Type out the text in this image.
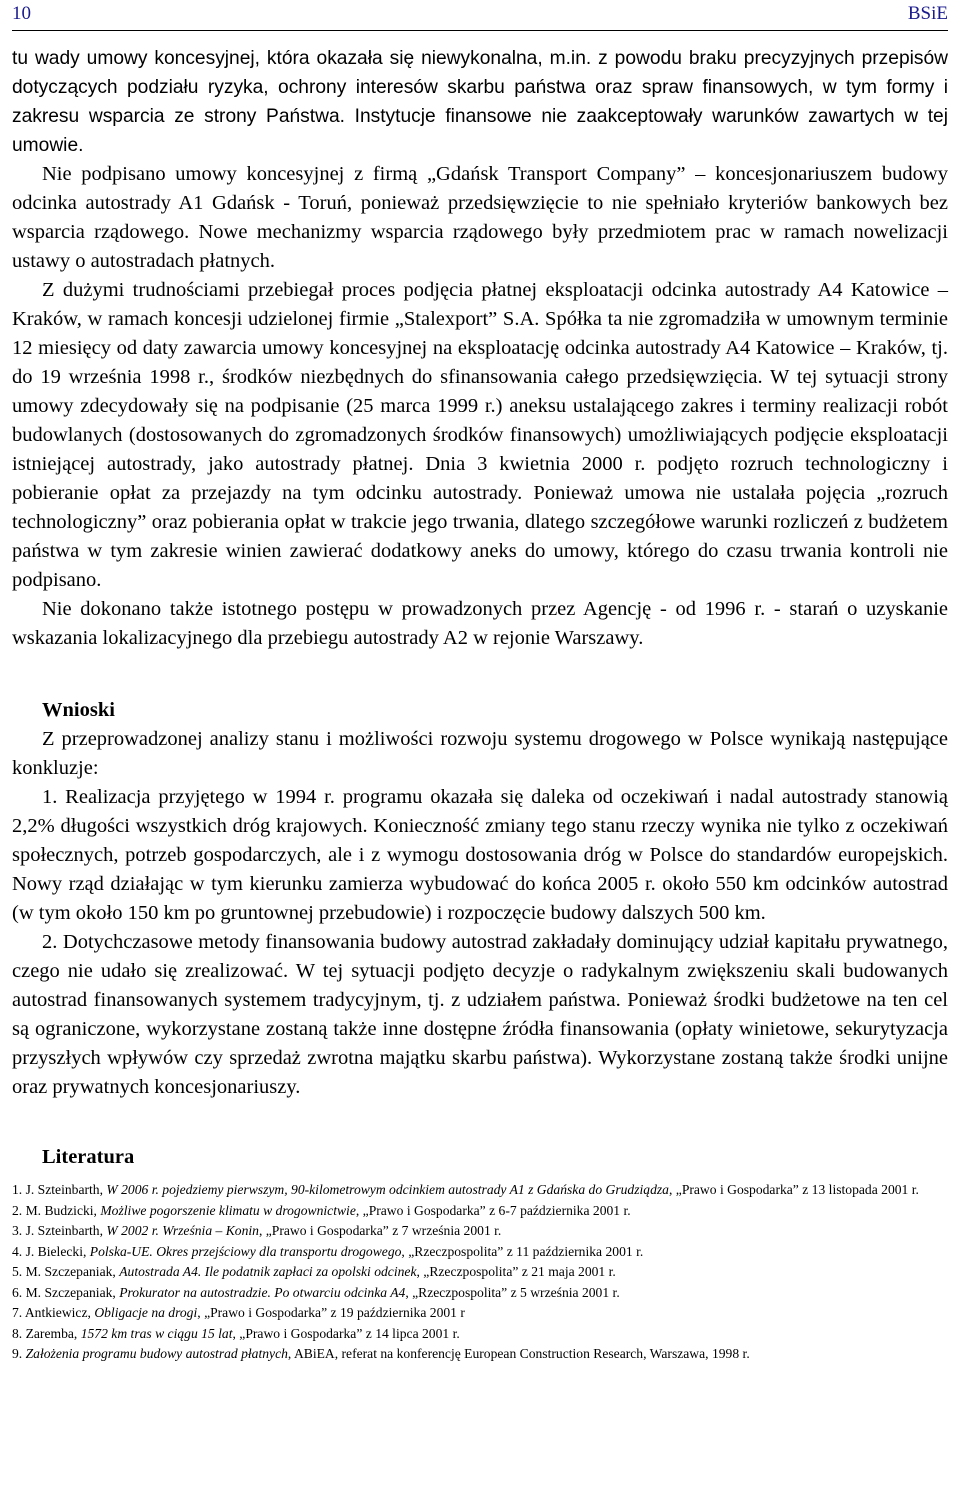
10	BSiE

tu wady umowy koncesyjnej, która okazała się niewykonalna, m.in. z powodu braku precyzyjnych przepisów dotyczących podziału ryzyka, ochrony interesów skarbu państwa oraz spraw finansowych, w tym formy i zakresu wsparcia ze strony Państwa. Instytucje finansowe nie zaakceptowały warunków zawartych w tej umowie.

Nie podpisano umowy koncesyjnej z firmą „Gdańsk Transport Company” – koncesjonariuszem budowy odcinka autostrady A1 Gdańsk - Toruń, ponieważ przedsięwzięcie to nie spełniało kryteriów bankowych bez wsparcia rządowego. Nowe mechanizmy wsparcia rządowego były przedmiotem prac w ramach nowelizacji ustawy o autostradach płatnych.

Z dużymi trudnościami przebiegał proces podjęcia płatnej eksploatacji odcinka autostrady A4 Katowice – Kraków, w ramach koncesji udzielonej firmie „Stalexport” S.A. Spółka ta nie zgromadziła w umownym terminie 12 miesięcy od daty zawarcia umowy koncesyjnej na eksploatację odcinka autostrady A4 Katowice – Kraków, tj. do 19 września 1998 r., środków niezbędnych do sfinansowania całego przedsięwzięcia. W tej sytuacji strony umowy zdecydowały się na podpisanie (25 marca 1999 r.) aneksu ustalającego zakres i terminy realizacji robót budowlanych (dostosowanych do zgromadzonych środków finansowych) umożliwiających podjęcie eksploatacji istniejącej autostrady, jako autostrady płatnej. Dnia 3 kwietnia 2000 r. podjęto rozruch technologiczny i pobieranie opłat za przejazdy na tym odcinku autostrady. Ponieważ umowa nie ustalała pojęcia „rozruch technologiczny” oraz pobierania opłat w trakcie jego trwania, dlatego szczegółowe warunki rozliczeń z budżetem państwa w tym zakresie winien zawierać dodatkowy aneks do umowy, którego do czasu trwania kontroli nie podpisano.

Nie dokonano także istotnego postępu w prowadzonych przez Agencję - od 1996 r. - starań o uzyskanie wskazania lokalizacyjnego dla przebiegu autostrady A2 w rejonie Warszawy.

Wnioski

Z przeprowadzonej analizy stanu i możliwości rozwoju systemu drogowego w Polsce wynikają następujące konkluzje:

1. Realizacja przyjętego w 1994 r. programu okazała się daleka od oczekiwań i nadal autostrady stanowią 2,2% długości wszystkich dróg krajowych. Konieczność zmiany tego stanu rzeczy wynika nie tylko z oczekiwań społecznych, potrzeb gospodarczych, ale i z wymogu dostosowania dróg w Polsce do standardów europejskich. Nowy rząd działając w tym kierunku zamierza wybudować do końca 2005 r. około 550 km odcinków autostrad (w tym około 150 km po gruntownej przebudowie) i rozpoczęcie budowy dalszych 500 km.

2. Dotychczasowe metody finansowania budowy autostrad zakładały dominujący udział kapitału prywatnego, czego nie udało się zrealizować. W tej sytuacji podjęto decyzje o radykalnym zwiększeniu skali budowanych autostrad finansowanych systemem tradycyjnym, tj. z udziałem państwa. Ponieważ środki budżetowe na ten cel są ograniczone, wykorzystane zostaną także inne dostępne źródła finansowania (opłaty winietowe, sekurytyzacja przyszłych wpływów czy sprzedaż zwrotna majątku skarbu państwa). Wykorzystane zostaną także środki unijne oraz prywatnych koncesjonariuszy.

Literatura
1. J. Szteinbarth, W 2006 r. pojedziemy pierwszym, 90-kilometrowym odcinkiem autostrady A1 z Gdańska do Grudziądza, „Prawo i Gospodarka” z 13 listopada 2001 r.
2. M. Budzicki, Możliwe pogorszenie klimatu w drogownictwie, „Prawo i Gospodarka” z 6-7 października 2001 r.
3. J. Szteinbarth, W 2002 r. Września – Konin, „Prawo i Gospodarka” z 7 września 2001 r.
4. J. Bielecki, Polska-UE. Okres przejściowy dla transportu drogowego, „Rzeczpospolita” z 11 października 2001 r.
5. M. Szczepaniak, Autostrada A4. Ile podatnik zapłaci za opolski odcinek, „Rzeczpospolita” z 21 maja 2001 r.
6. M. Szczepaniak, Prokurator na autostradzie. Po otwarciu odcinka A4, „Rzeczpospolita” z 5 września 2001 r.
7. Antkiewicz, Obligacje na drogi, „Prawo i Gospodarka” z 19 października 2001 r
8. Zaremba, 1572 km tras w ciągu 15 lat, „Prawo i Gospodarka” z 14 lipca 2001 r.
9. Założenia programu budowy autostrad płatnych, ABiEA, referat na konferencję European Construction Research, Warszawa, 1998 r.
